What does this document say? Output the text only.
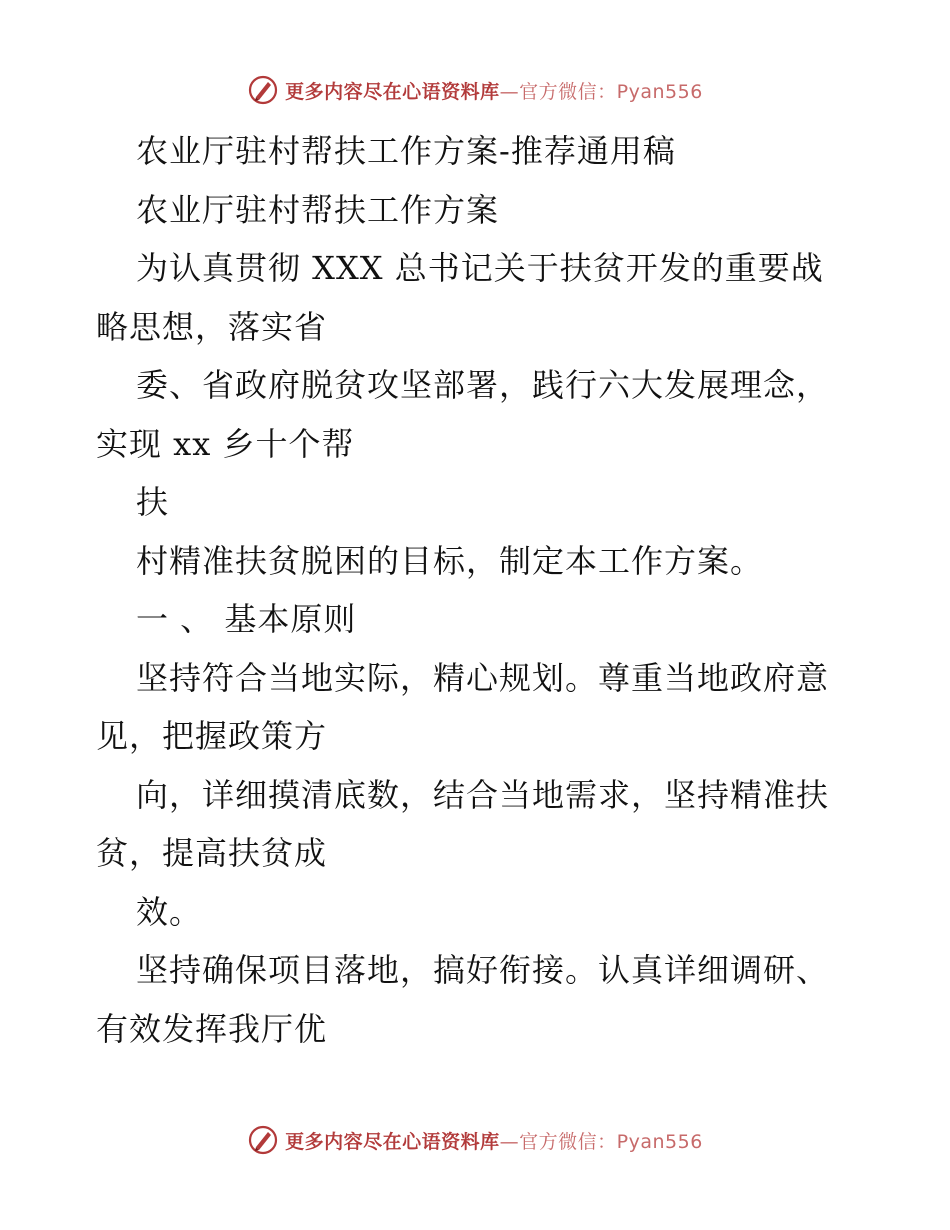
更多内容尽在心语资料库—官方微信：Pyan556
农业厅驻村帮扶工作方案-推荐通用稿
农业厅驻村帮扶工作方案
为认真贯彻 XXX 总书记关于扶贫开发的重要战
略思想，落实省
委、省政府脱贫攻坚部署，践行六大发展理念，
实现 xx 乡十个帮
扶
村精准扶贫脱困的目标，制定本工作方案。
一 、 基本原则
坚持符合当地实际，精心规划。尊重当地政府意
见，把握政策方
向，详细摸清底数，结合当地需求，坚持精准扶
贫，提高扶贫成
效。
坚持确保项目落地，搞好衔接。认真详细调研、
有效发挥我厅优
更多内容尽在心语资料库—官方微信：Pyan556
